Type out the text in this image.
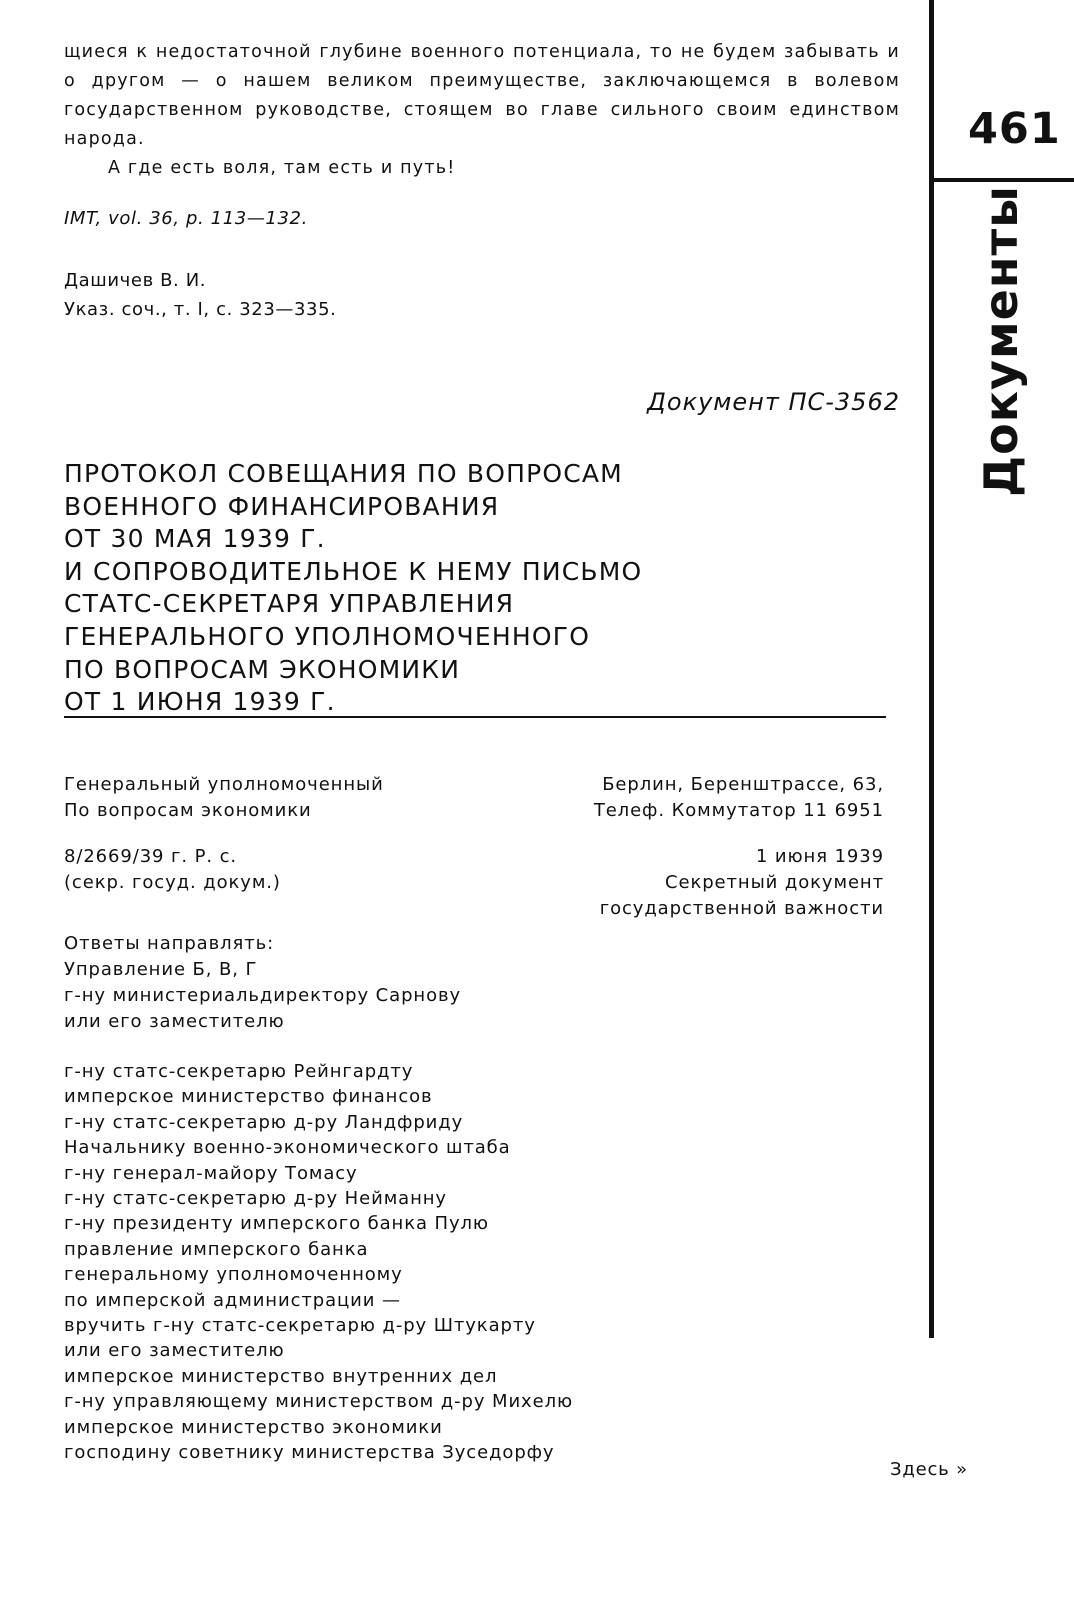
461
Документы

щиеся к недостаточной глубине военного потенциала, то не будем забывать и о другом — о нашем великом преимуществе, заключающемся в волевом государственном руководстве, стоящем во главе сильного своим единством народа.

А где есть воля, там есть и путь!

IMT, vol. 36, p. 113—132.
Дашичев В. И.
Указ. соч., т. I, с. 323—335.
Документ ПС-3562
ПРОТОКОЛ СОВЕЩАНИЯ ПО ВОПРОСАМ
ВОЕННОГО ФИНАНСИРОВАНИЯ
ОТ 30 МАЯ 1939 Г.
И СОПРОВОДИТЕЛЬНОЕ К НЕМУ ПИСЬМО
СТАТС-СЕКРЕТАРЯ УПРАВЛЕНИЯ
ГЕНЕРАЛЬНОГО УПОЛНОМОЧЕННОГО
ПО ВОПРОСАМ ЭКОНОМИКИ
ОТ 1 ИЮНЯ 1939 Г.
Генеральный уполномоченный
По вопросам экономики
Берлин, Беренштрассе, 63,
Телеф. Коммутатор 11 6951
8/2669/39 г. Р. с.
(секр. госуд. докум.)
1 июня 1939
Секретный документ
государственной важности
Ответы направлять:
Управление Б, В, Г
г-ну министериальдиректору Сарнову
или его заместителю
г-ну статс-секретарю Рейнгардту
имперское министерство финансов
г-ну статс-секретарю д-ру Ландфриду
Начальнику военно-экономического штаба
г-ну генерал-майору Томасу
г-ну статс-секретарю д-ру Нейманну
г-ну президенту имперского банка Пулю
правление имперского банка
генеральному уполномоченному
по имперской администрации —
вручить г-ну статс-секретарю д-ру Штукарту
или его заместителю
имперское министерство внутренних дел
г-ну управляющему министерством д-ру Михелю
имперское министерство экономики
господину советнику министерства Зуседорфу
Здесь »
